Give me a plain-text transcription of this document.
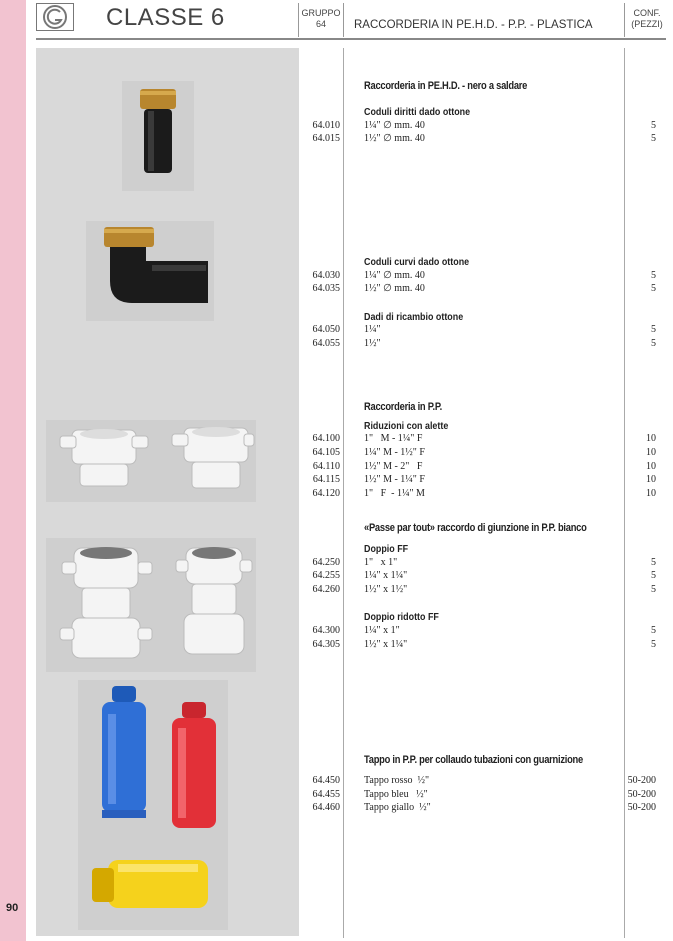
90
CLASSE 6	GRUPPO
64	RACCORDERIA IN PE.H.D. - P.P. - PLASTICA
CONF.
(PEZZI)
Raccorderia in PE.H.D. - nero a saldare
Coduli diritti dado ottone
64.010 1¼" ∅ mm. 40	5
64.015 1½" ∅ mm. 40	5
Coduli curvi dado ottone
64.030 1¼" ∅ mm. 40	5
64.035 1½" ∅ mm. 40	5
Dadi di ricambio ottone
64.050 1¼"	5
64.055 1½"	5
Raccorderia in P.P.
Riduzioni con alette
64.100 1"   M - 1¼" F	10
64.105 1¼" M - 1½" F	10
64.110 1½" M - 2"   F	10
64.115 1½" M - 1¼" F	10
64.120 1"   F  - 1¼" M	10
«Passe par tout» raccordo di giunzione in P.P. bianco
Doppio FF
64.250 1"   x 1"	5
64.255 1¼" x 1¼"	5
64.260 1½" x 1½"	5
Doppio ridotto FF
64.300 1¼" x 1"	5
64.305 1½" x 1¼"	5
Tappo in P.P. per collaudo tubazioni con guarnizione
64.450 Tappo rosso  ½"	50-200
64.455 Tappo bleu   ½"	50-200
64.460 Tappo giallo  ½"	50-200
